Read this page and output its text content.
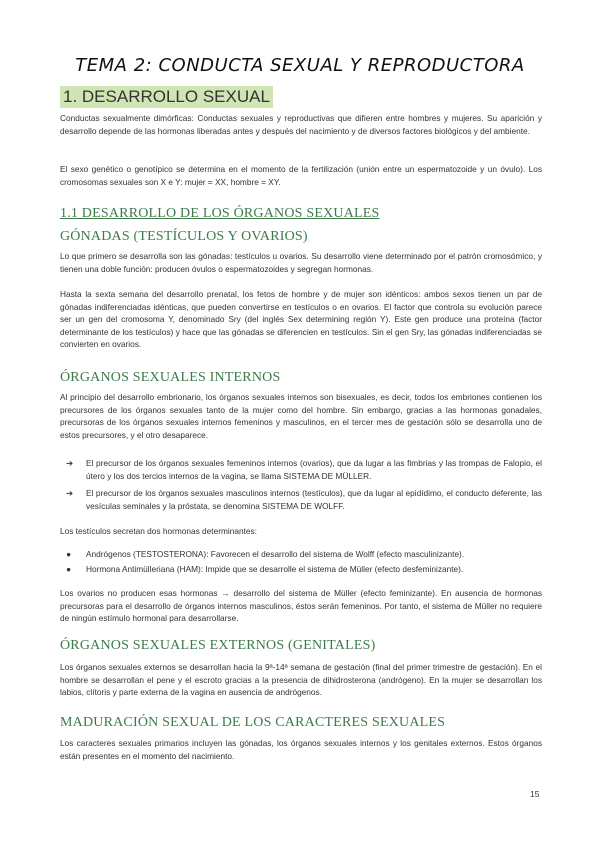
TEMA 2: CONDUCTA SEXUAL Y REPRODUCTORA
1. DESARROLLO SEXUAL
Conductas sexualmente dimórficas: Conductas sexuales y reproductivas que difieren entre hombres y mujeres. Su aparición y desarrollo depende de las hormonas liberadas antes y después del nacimiento y de diversos factores biológicos y del ambiente.
El sexo genético o genotípico se determina en el momento de la fertilización (unión entre un espermatozoide y un óvulo). Los cromosomas sexuales son X e Y: mujer = XX, hombre = XY.
1.1 DESARROLLO DE LOS ÓRGANOS SEXUALES
GÓNADAS (TESTÍCULOS Y OVARIOS)
Lo que primero se desarrolla son las gónadas: testículos u ovarios. Su desarrollo viene determinado por el patrón cromosómico, y tienen una doble función: producen óvulos o espermatozoides y segregan hormonas.
Hasta la sexta semana del desarrollo prenatal, los fetos de hombre y de mujer son idénticos: ambos sexos tienen un par de gónadas indiferenciadas idénticas, que pueden convertirse en testículos o en ovarios. El factor que controla su evolución parece ser un gen del cromosoma Y, denominado Sry (del inglés Sex determining región Y). Este gen produce una proteína (factor determinante de los testículos) y hace que las gónadas se diferencien en testículos. Sin el gen Sry, las gónadas indiferenciadas se convierten en ovarios.
ÓRGANOS SEXUALES INTERNOS
Al principio del desarrollo embrionario, los órganos sexuales internos son bisexuales, es decir, todos los embriones contienen los precursores de los órganos sexuales tanto de la mujer como del hombre. Sin embargo, gracias a las hormonas gonadales, precursoras de los órganos sexuales internos femeninos y masculinos, en el tercer mes de gestación sólo se desarrolla uno de estos precursores, y el otro desaparece.
➔ El precursor de los órganos sexuales femeninos internos (ovarios), que da lugar a las fimbrias y las trompas de Falopio, el útero y los dos tercios internos de la vagina, se llama SISTEMA DE MÜLLER.
➔ El precursor de los órganos sexuales masculinos internos (testículos), que da lugar al epidídimo, el conducto deferente, las vesículas seminales y la próstata, se denomina SISTEMA DE WOLFF.
Los testículos secretan dos hormonas determinantes:
● Andrógenos (TESTOSTERONA): Favorecen el desarrollo del sistema de Wolff (efecto masculinizante).
● Hormona Antimülleriana (HAM): Impide que se desarrolle el sistema de Müller (efecto desfeminizante).
Los ovarios no producen esas hormonas → desarrollo del sistema de Müller (efecto feminizante). En ausencia de hormonas precursoras para el desarrollo de órganos internos masculinos, éstos serán femeninos. Por tanto, el sistema de Müller no requiere de ningún estímulo hormonal para desarrollarse.
ÓRGANOS SEXUALES EXTERNOS (GENITALES)
Los órganos sexuales externos se desarrollan hacia la 9ª-14ª semana de gestación (final del primer trimestre de gestación). En el hombre se desarrollan el pene y el escroto gracias a la presencia de dihidrosterona (andrógeno). En la mujer se desarrollan los labios, clítoris y parte externa de la vagina en ausencia de andrógenos.
MADURACIÓN SEXUAL DE LOS CARACTERES SEXUALES
Los caracteres sexuales primarios incluyen las gónadas, los órganos sexuales internos y los genitales externos. Estos órganos están presentes en el momento del nacimiento.
15
